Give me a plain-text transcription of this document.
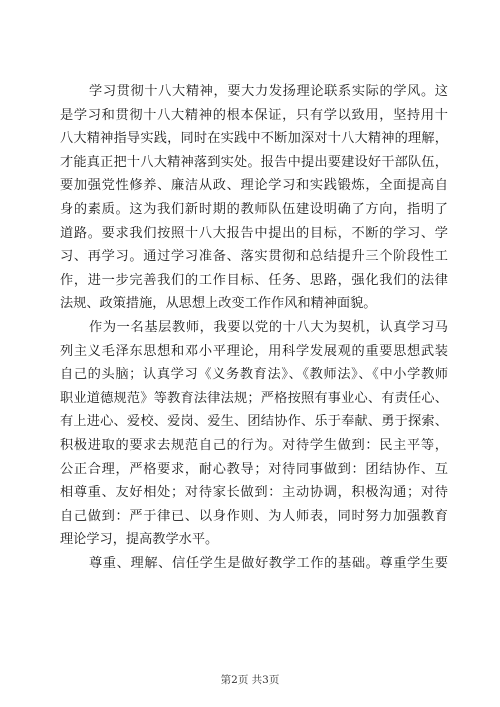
学习贯彻十八大精神，要大力发扬理论联系实际的学风。这
是学习和贯彻十八大精神的根本保证，只有学以致用，坚持用十
八大精神指导实践，同时在实践中不断加深对十八大精神的理解，
才能真正把十八大精神落到实处。报告中提出要建设好干部队伍，
要加强党性修养、廉洁从政、理论学习和实践锻炼，全面提高自
身的素质。这为我们新时期的教师队伍建设明确了方向，指明了
道路。要求我们按照十八大报告中提出的目标，不断的学习、学
习、再学习。通过学习准备、落实贯彻和总结提升三个阶段性工
作，进一步完善我们的工作目标、任务、思路，强化我们的法律
法规、政策措施，从思想上改变工作作风和精神面貌。
作为一名基层教师，我要以党的十八大为契机，认真学习马
列主义毛泽东思想和邓小平理论，用科学发展观的重要思想武装
自己的头脑；认真学习《义务教育法》、《教师法》、《中小学教师
职业道德规范》等教育法律法规；严格按照有事业心、有责任心、
有上进心、爱校、爱岗、爱生、团结协作、乐于奉献、勇于探索、
积极进取的要求去规范自己的行为。对待学生做到：民主平等，
公正合理，严格要求，耐心教导；对待同事做到：团结协作、互
相尊重、友好相处；对待家长做到：主动协调，积极沟通；对待
自己做到：严于律已、以身作则、为人师表，同时努力加强教育
理论学习，提高教学水平。
尊重、理解、信任学生是做好教学工作的基础。尊重学生要
第2页 共3页
